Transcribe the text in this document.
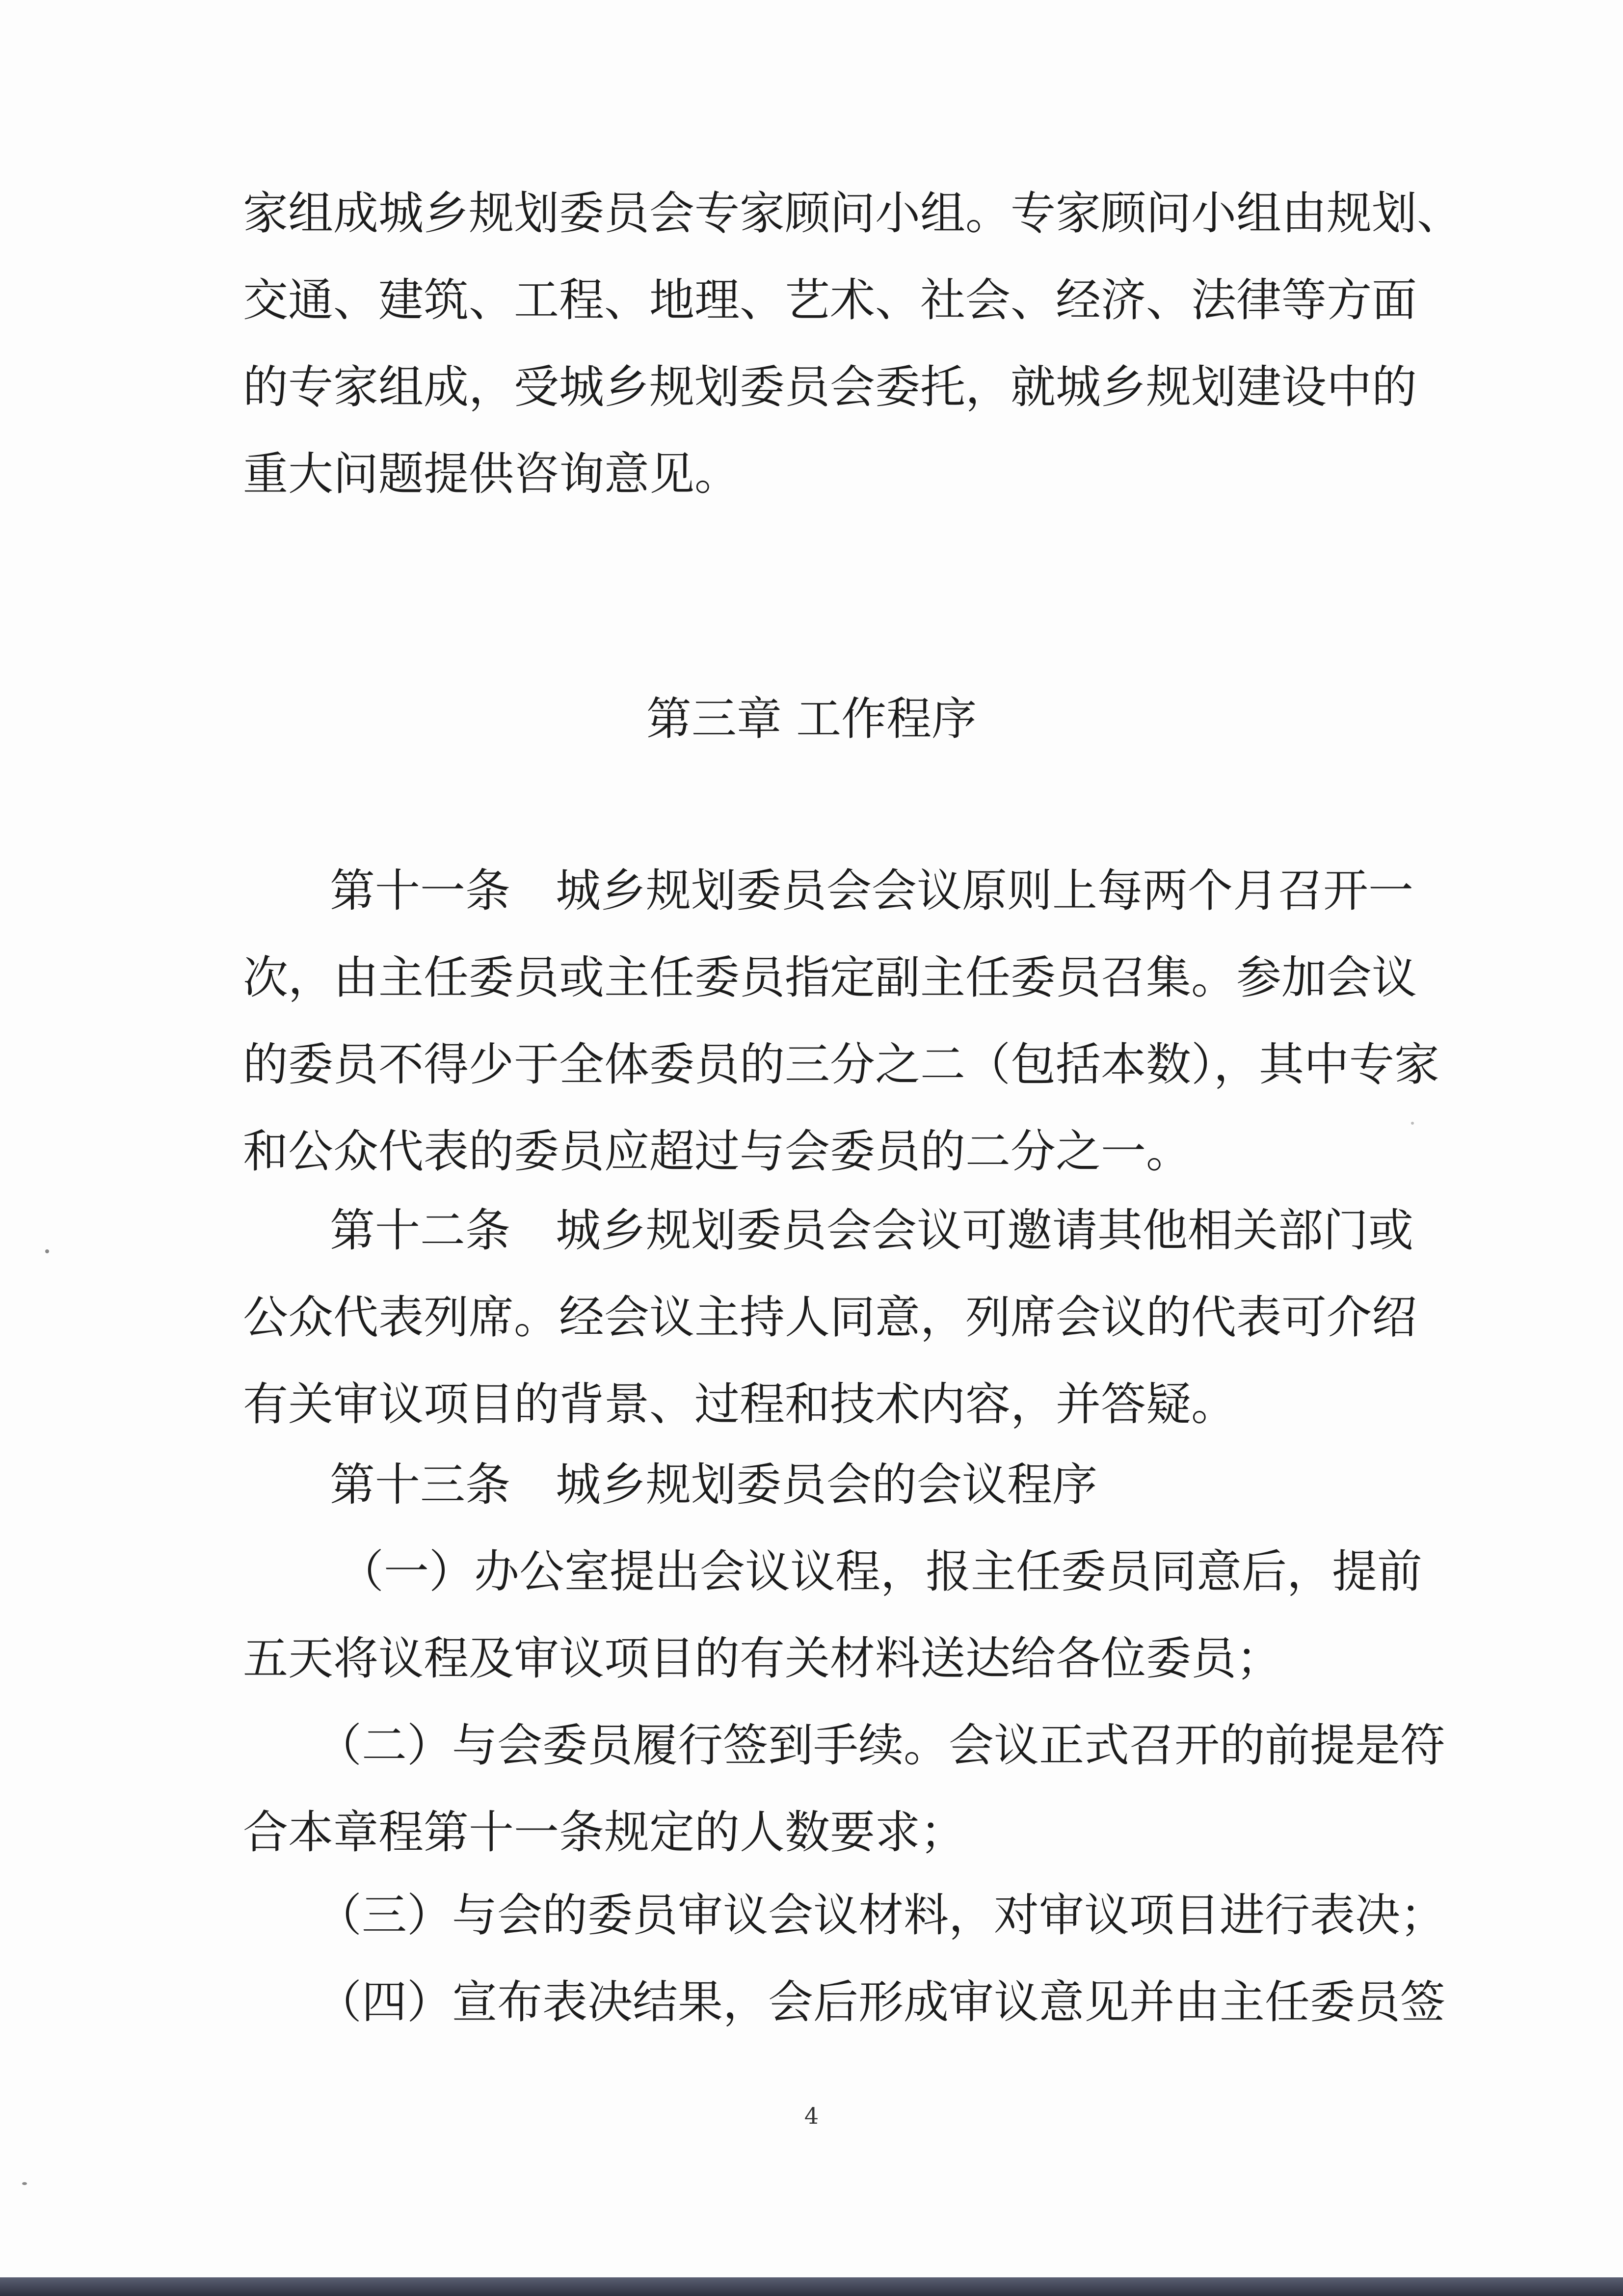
家组成城乡规划委员会专家顾问小组。专家顾问小组由规划、
交通、建筑、工程、地理、艺术、社会、经济、法律等方面
的专家组成，受城乡规划委员会委托，就城乡规划建设中的
重大问题提供咨询意见。
第三章 工作程序
第十一条　城乡规划委员会会议原则上每两个月召开一
次，由主任委员或主任委员指定副主任委员召集。参加会议
的委员不得少于全体委员的三分之二（包括本数），其中专家
和公众代表的委员应超过与会委员的二分之一。
第十二条　城乡规划委员会会议可邀请其他相关部门或
公众代表列席。经会议主持人同意，列席会议的代表可介绍
有关审议项目的背景、过程和技术内容，并答疑。
第十三条　城乡规划委员会的会议程序
（一）办公室提出会议议程，报主任委员同意后，提前
五天将议程及审议项目的有关材料送达给各位委员；
（二）与会委员履行签到手续。会议正式召开的前提是符
合本章程第十一条规定的人数要求；
（三）与会的委员审议会议材料，对审议项目进行表决；
（四）宣布表决结果，会后形成审议意见并由主任委员签
4
